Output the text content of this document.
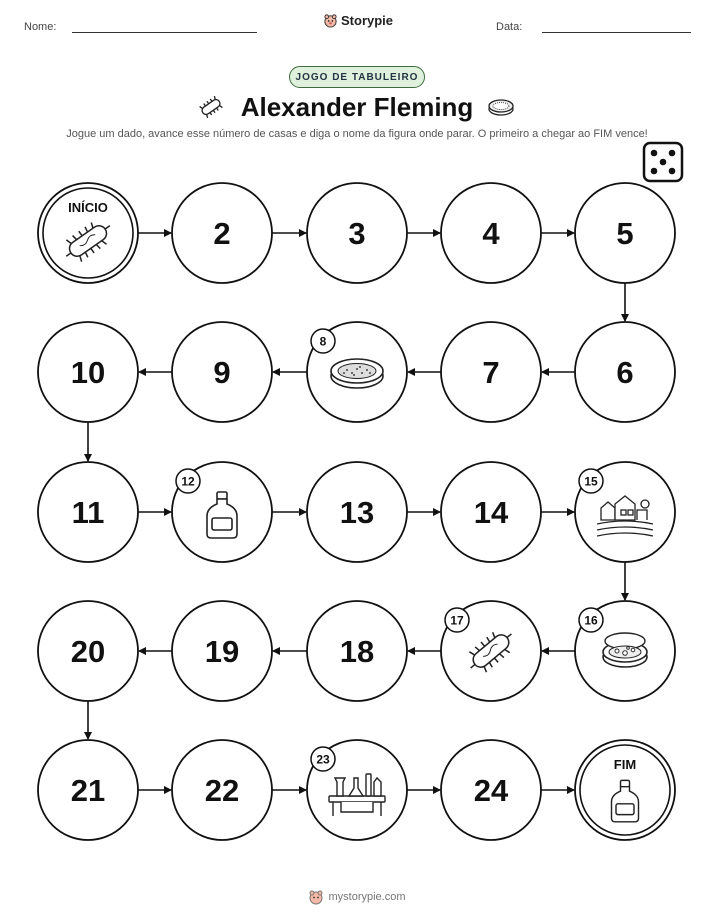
Nome:	Storypie	Data:
JOGO DE TABULEIRO
Alexander Fleming
Jogue um dado, avance esse número de casas e diga o nome da figura onde parar. O primeiro a chegar ao FIM vence!
INÍCIO
2	3	4	5
6
7
8
9
10
11
12
13	14
15
16
17
18
19
20
21	22
23
24
FIM
mystorypie.com
